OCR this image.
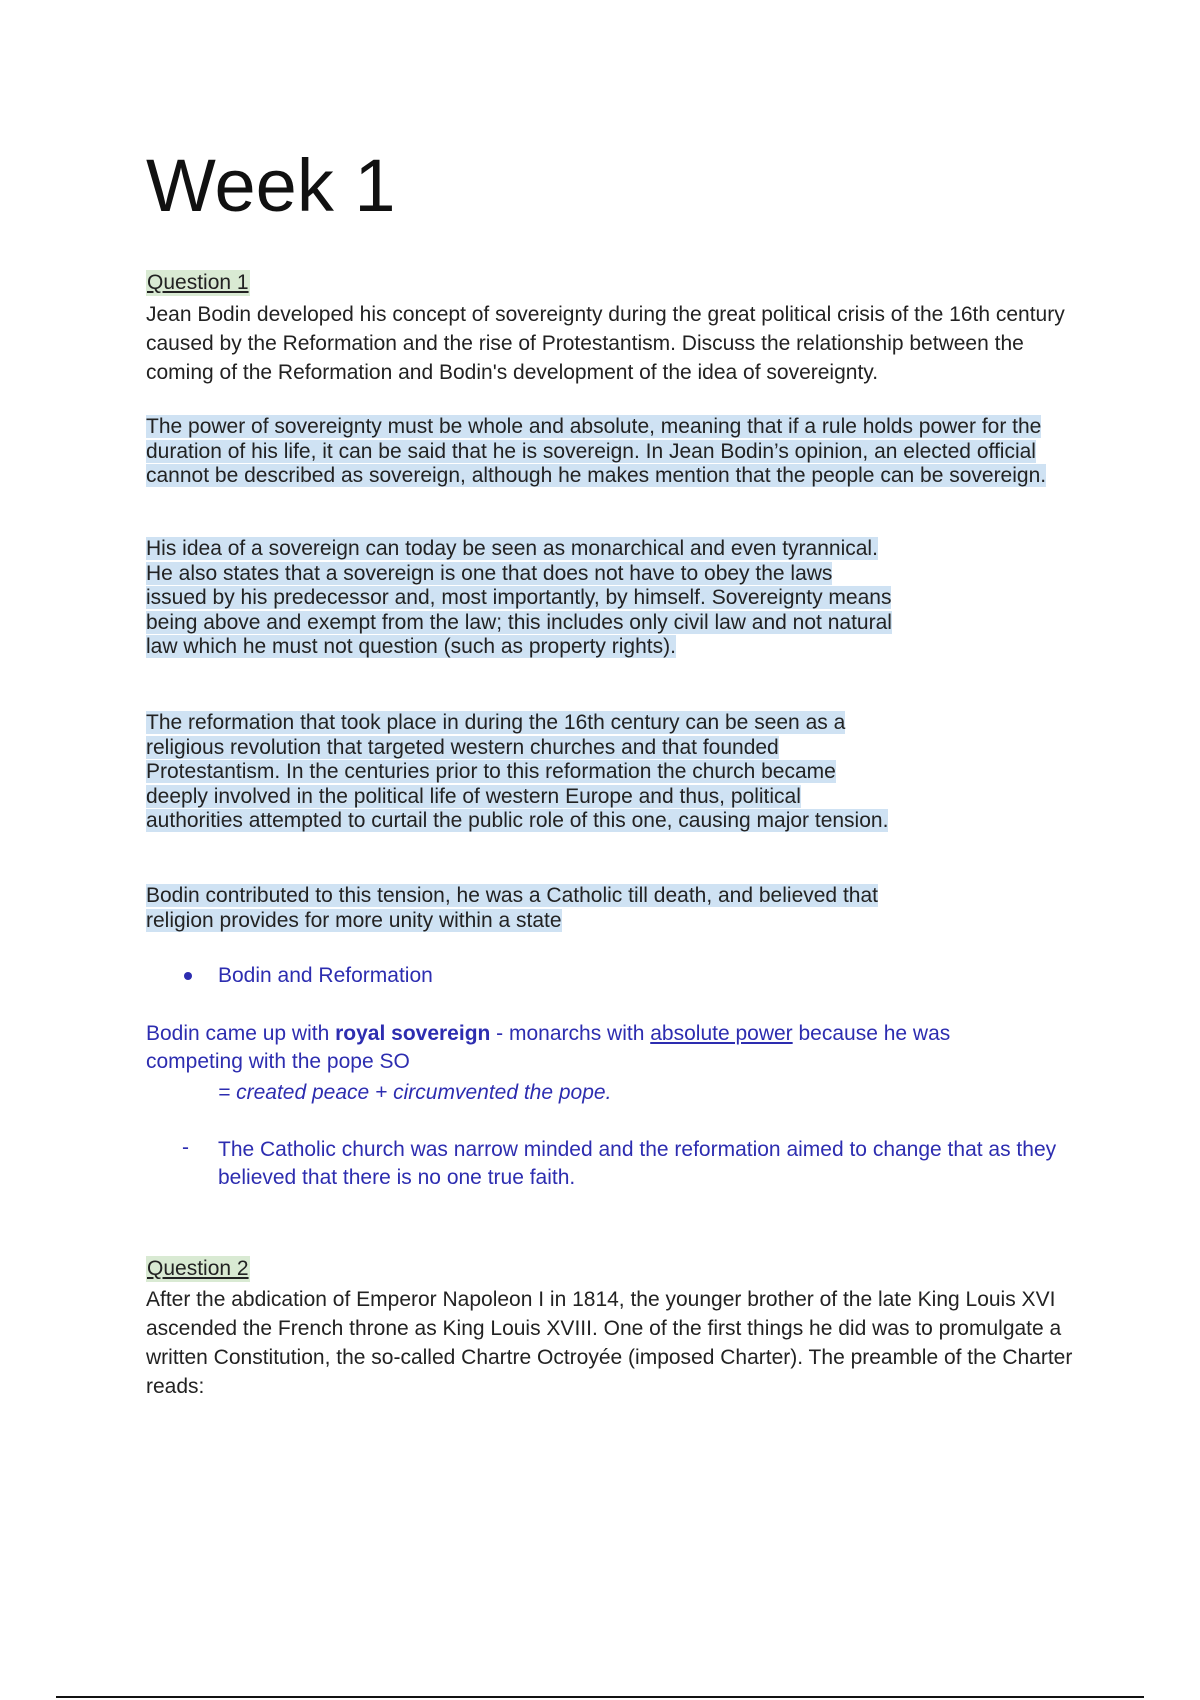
Week 1
Question 1
Jean Bodin developed his concept of sovereignty during the great political crisis of the 16th century caused by the Reformation and the rise of Protestantism. Discuss the relationship between the coming of the Reformation and Bodin's development of the idea of sovereignty.
The power of sovereignty must be whole and absolute, meaning that if a rule holds power for the duration of his life, it can be said that he is sovereign. In Jean Bodin’s opinion, an elected official cannot be described as sovereign, although he makes mention that the people can be sovereign.
His idea of a sovereign can today be seen as monarchical and even tyrannical. He also states that a sovereign is one that does not have to obey the laws issued by his predecessor and, most importantly, by himself. Sovereignty means being above and exempt from the law; this includes only civil law and not natural law which he must not question (such as property rights).
The reformation that took place in during the 16th century can be seen as a religious revolution that targeted western churches and that founded Protestantism. In the centuries prior to this reformation the church became deeply involved in the political life of western Europe and thus, political authorities attempted to curtail the public role of this one, causing major tension.
Bodin contributed to this tension, he was a Catholic till death, and believed that religion provides for more unity within a state
Bodin and Reformation
Bodin came up with royal sovereign - monarchs with absolute power because he was competing with the pope SO
= created peace + circumvented the pope.
- The Catholic church was narrow minded and the reformation aimed to change that as they believed that there is no one true faith.
Question 2
After the abdication of Emperor Napoleon I in 1814, the younger brother of the late King Louis XVI ascended the French throne as King Louis XVIII. One of the first things he did was to promulgate a written Constitution, the so-called Chartre Octroyée (imposed Charter). The preamble of the Charter reads:
